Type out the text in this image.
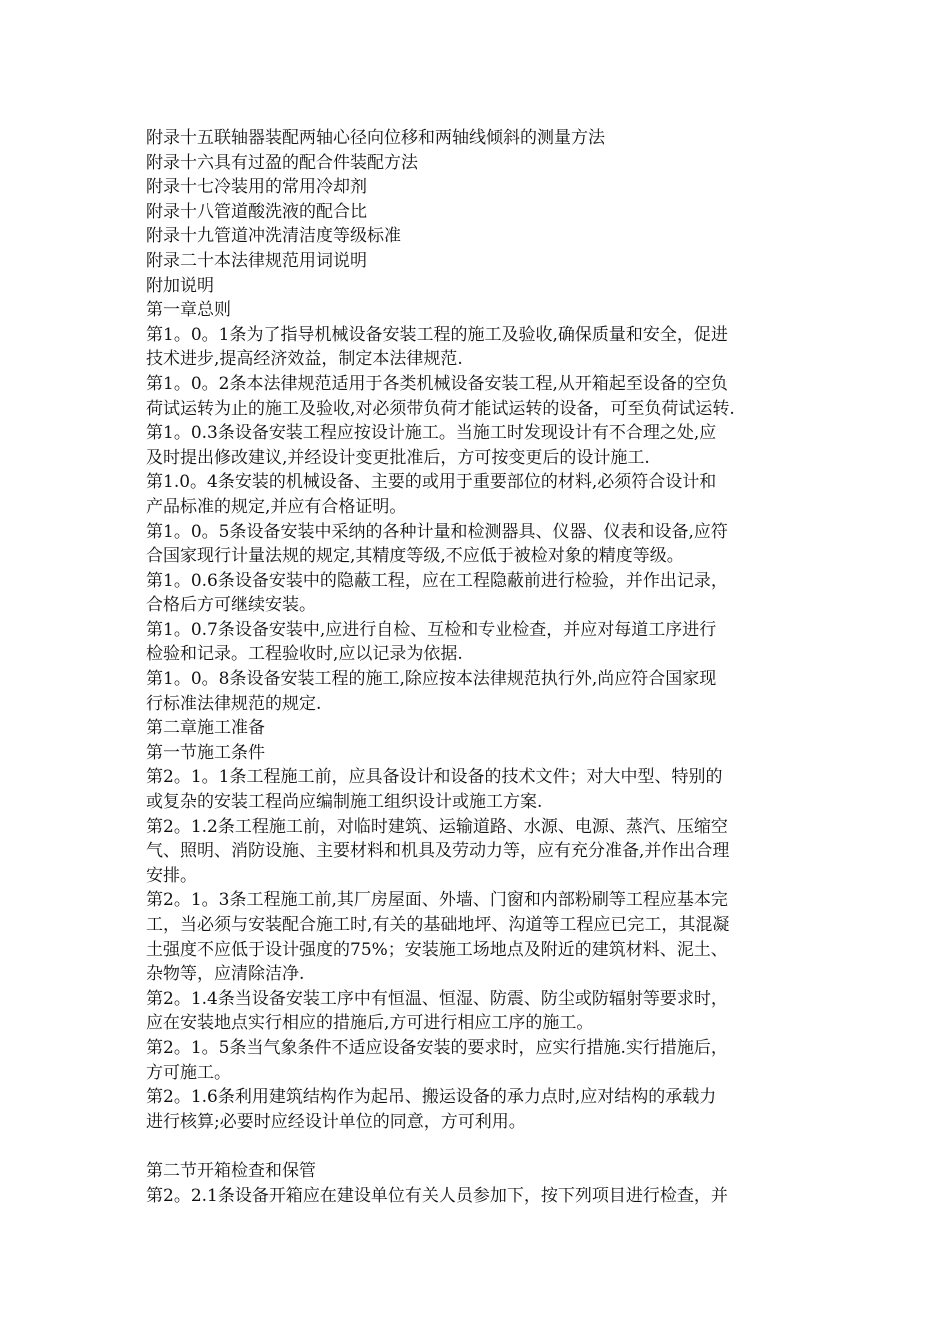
附录十五联轴器装配两轴心径向位移和两轴线倾斜的测量方法
附录十六具有过盈的配合件装配方法
附录十七冷装用的常用冷却剂
附录十八管道酸洗液的配合比
附录十九管道冲洗清洁度等级标准
附录二十本法律规范用词说明
附加说明
第一章总则
第1。0。1条为了指导机械设备安装工程的施工及验收,确保质量和安全，促进
技术进步,提高经济效益，制定本法律规范.
第1。0。2条本法律规范适用于各类机械设备安装工程,从开箱起至设备的空负
荷试运转为止的施工及验收,对必须带负荷才能试运转的设备，可至负荷试运转.
第1。0.3条设备安装工程应按设计施工。当施工时发现设计有不合理之处,应
及时提出修改建议,并经设计变更批准后，方可按变更后的设计施工.
第1.0。4条安装的机械设备、主要的或用于重要部位的材料,必须符合设计和
产品标准的规定,并应有合格证明。
第1。0。5条设备安装中采纳的各种计量和检测器具、仪器、仪表和设备,应符
合国家现行计量法规的规定,其精度等级,不应低于被检对象的精度等级。
第1。0.6条设备安装中的隐蔽工程，应在工程隐蔽前进行检验，并作出记录，
合格后方可继续安装。
第1。0.7条设备安装中,应进行自检、互检和专业检查，并应对每道工序进行
检验和记录。工程验收时,应以记录为依据.
第1。0。8条设备安装工程的施工,除应按本法律规范执行外,尚应符合国家现
行标准法律规范的规定.
第二章施工准备
第一节施工条件
第2。1。1条工程施工前，应具备设计和设备的技术文件；对大中型、特别的
或复杂的安装工程尚应编制施工组织设计或施工方案.
第2。1.2条工程施工前，对临时建筑、运输道路、水源、电源、蒸汽、压缩空
气、照明、消防设施、主要材料和机具及劳动力等，应有充分准备,并作出合理
安排。
第2。1。3条工程施工前,其厂房屋面、外墙、门窗和内部粉刷等工程应基本完
工，当必须与安装配合施工时,有关的基础地坪、沟道等工程应已完工，其混凝
土强度不应低于设计强度的75%；安装施工场地点及附近的建筑材料、泥土、
杂物等，应清除洁净.
第2。1.4条当设备安装工序中有恒温、恒湿、防震、防尘或防辐射等要求时，
应在安装地点实行相应的措施后,方可进行相应工序的施工。
第2。1。5条当气象条件不适应设备安装的要求时，应实行措施.实行措施后，
方可施工。
第2。1.6条利用建筑结构作为起吊、搬运设备的承力点时,应对结构的承载力
进行核算;必要时应经设计单位的同意，方可利用。
第二节开箱检查和保管
第2。2.1条设备开箱应在建设单位有关人员参加下，按下列项目进行检查，并
